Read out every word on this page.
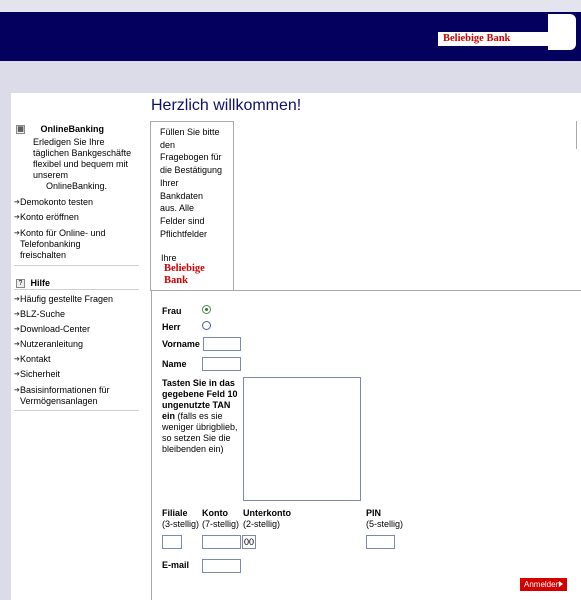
Beliebige Bank
Herzlich willkommen!
▦ OnlineBanking
Erledigen Sie Ihre
täglichen Bankgeschäfte
flexibel und bequem mit
unserem
OnlineBanking.
➔ Demokonto testen
➔ Konto eröffnen
➔ Konto für Online- und Telefonbanking freischalten
? Hilfe
➔ Häufig gestellte Fragen
➔ BLZ-Suche
➔ Download-Center
➔ Nutzeranleitung
➔ Kontakt
➔ Sicherheit
➔ Basisinformationen für Vermögensanlagen
Füllen Sie bitte
den
Fragebogen für
die Bestätigung
Ihrer
Bankdaten
aus. Alle
Felder sind
Pflichtfelder
Ihre
Beliebige
Bank
Frau
Herr
Vorname
Name
Tasten Sie in das
gegebene Feld 10
ungenutzte TAN
ein (falls es sie
weniger übrigblieb,
so setzen Sie die
bleibenden ein)
Filiale
(3-stellig)
Konto
(7-stellig)
Unterkonto
(2-stellig)
PIN
(5-stellig)
00
E-mail
Anmelden
